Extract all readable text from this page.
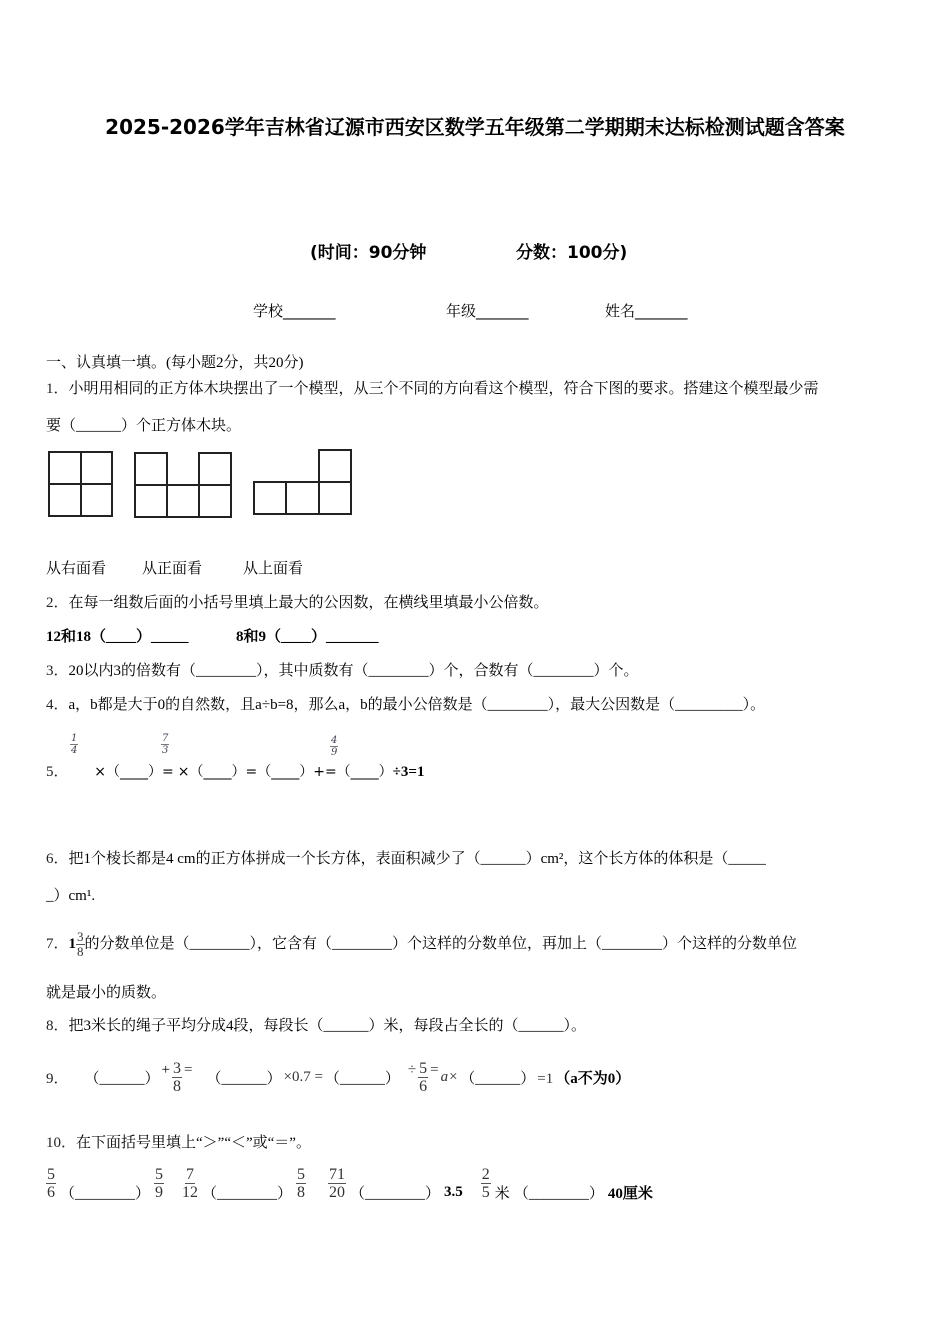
2025-2026学年吉林省辽源市西安区数学五年级第二学期期末达标检测试题含答案
(时间：90分钟	分数：100分)
学校_______	年级_______	姓名_______
一、认真填一填。(每小题2分，共20分)
1．小明用相同的正方体木块摆出了一个模型，从三个不同的方向看这个模型，符合下图的要求。搭建这个模型最少需
要（______）个正方体木块。
从右面看 从正面看	从上面看
2．在每一组数后面的小括号里填上最大的公因数，在横线里填最小公倍数。
12和18（____）_____	8和9（____）_______
3．20以内3的倍数有（________），其中质数有（________）个，合数有（________）个。
4．a，b都是大于0的自然数，且a÷b=8，那么a，b的最小公倍数是（________），最大公因数是（_________）。
5． ×（____）= ×（____）=（____）+=（____）÷3=1
$\frac{1}{4}$	$\frac{7}{3}$	$\frac{4}{9}$
6．把1个棱长都是4 cm的正方体拼成一个长方体，表面积减少了（______）cm²，这个长方体的体积是（_____
_）cm¹.
7．$1 \frac{3}{8}$ 的分数单位是（________），它含有（________）个这样的分数单位，再加上（________）个这样的分数单位
就是最小的质数。
8．把3米长的绳子平均分成4段，每段长（______）米，每段占全长的（______）。
9． （______）
+ $\frac{3}{8}$ =
（______） ×0.7 = （______）
÷ $\frac{5}{6} = a\times$ （______） =1 （a不为0）
10．在下面括号里填上“＞”“＜”或“＝”。
$\frac{5}{6}$ （________） $\frac{5}{9} \frac{7}{12}$ （________） $\frac{5}{8} \frac{71}{20}$ （________） $3.5 \frac{2}{5}$ 米 （________） 40厘米
